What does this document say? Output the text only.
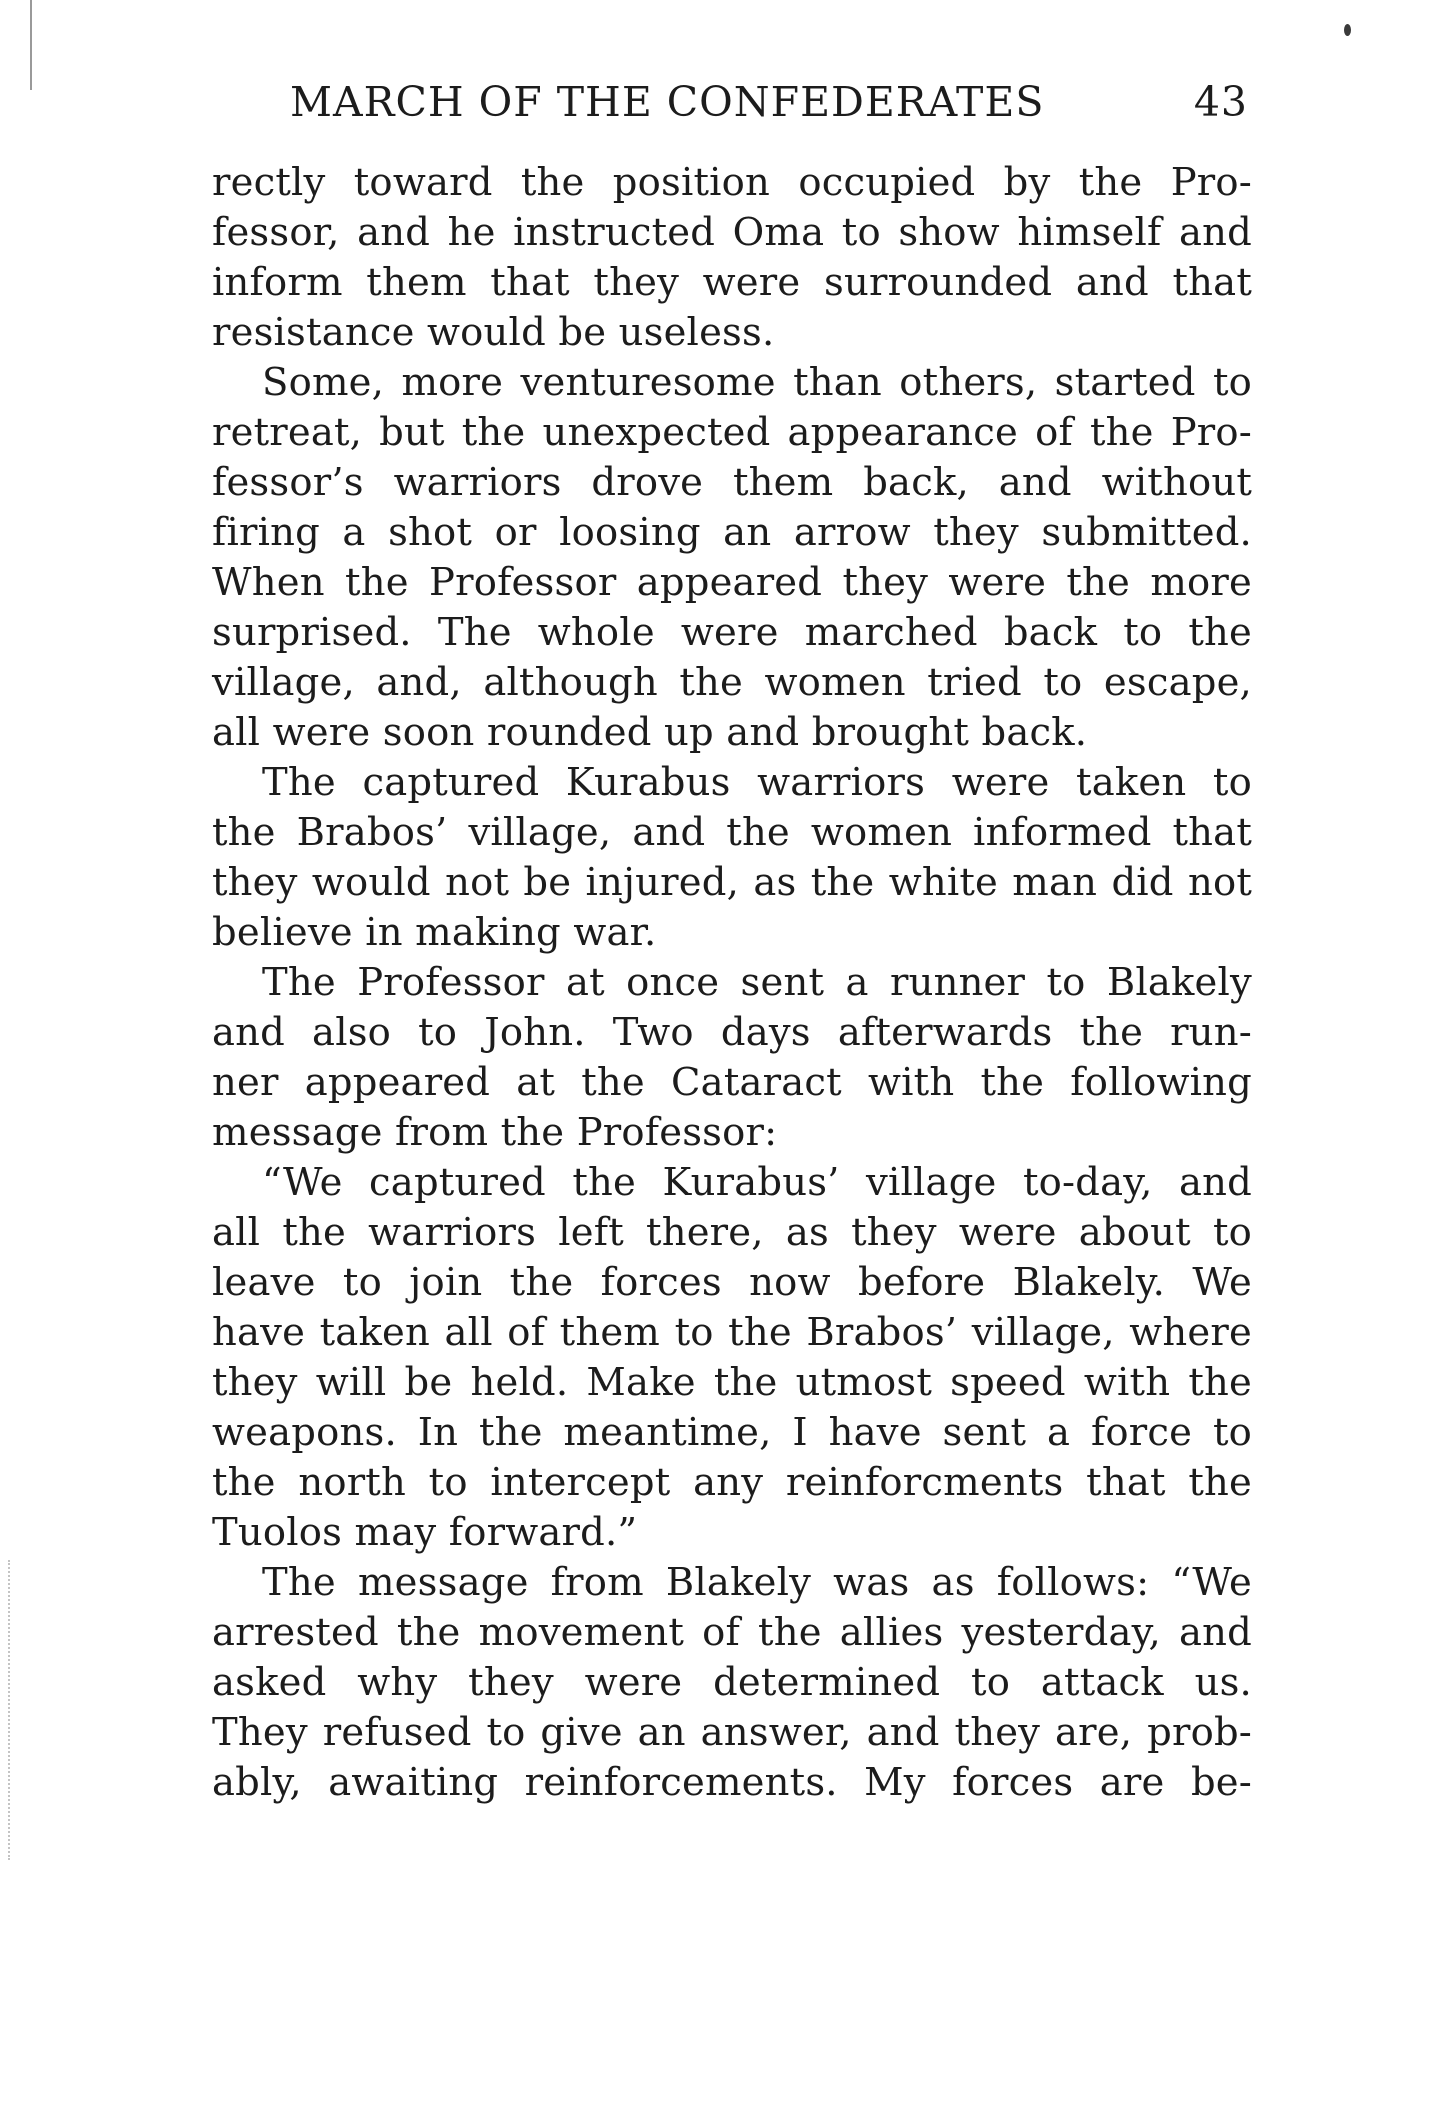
MARCH OF THE CONFEDERATES	43
rectly toward the position occupied by the Pro-
fessor, and he instructed Oma to show himself and
inform them that they were surrounded and that
resistance would be useless.
Some, more venturesome than others, started to
retreat, but the unexpected appearance of the Pro-
fessor’s warriors drove them back, and without
firing a shot or loosing an arrow they submitted.
When the Professor appeared they were the more
surprised. The whole were marched back to the
village, and, although the women tried to escape,
all were soon rounded up and brought back.
The captured Kurabus warriors were taken to
the Brabos’ village, and the women informed that
they would not be injured, as the white man did not
believe in making war.
The Professor at once sent a runner to Blakely
and also to John. Two days afterwards the run-
ner appeared at the Cataract with the following
message from the Professor:
“We captured the Kurabus’ village to-day, and
all the warriors left there, as they were about to
leave to join the forces now before Blakely. We
have taken all of them to the Brabos’ village, where
they will be held. Make the utmost speed with the
weapons. In the meantime, I have sent a force to
the north to intercept any reinforcments that the
Tuolos may forward.”
The message from Blakely was as follows: “We
arrested the movement of the allies yesterday, and
asked why they were determined to attack us.
They refused to give an answer, and they are, prob-
ably, awaiting reinforcements. My forces are be-
